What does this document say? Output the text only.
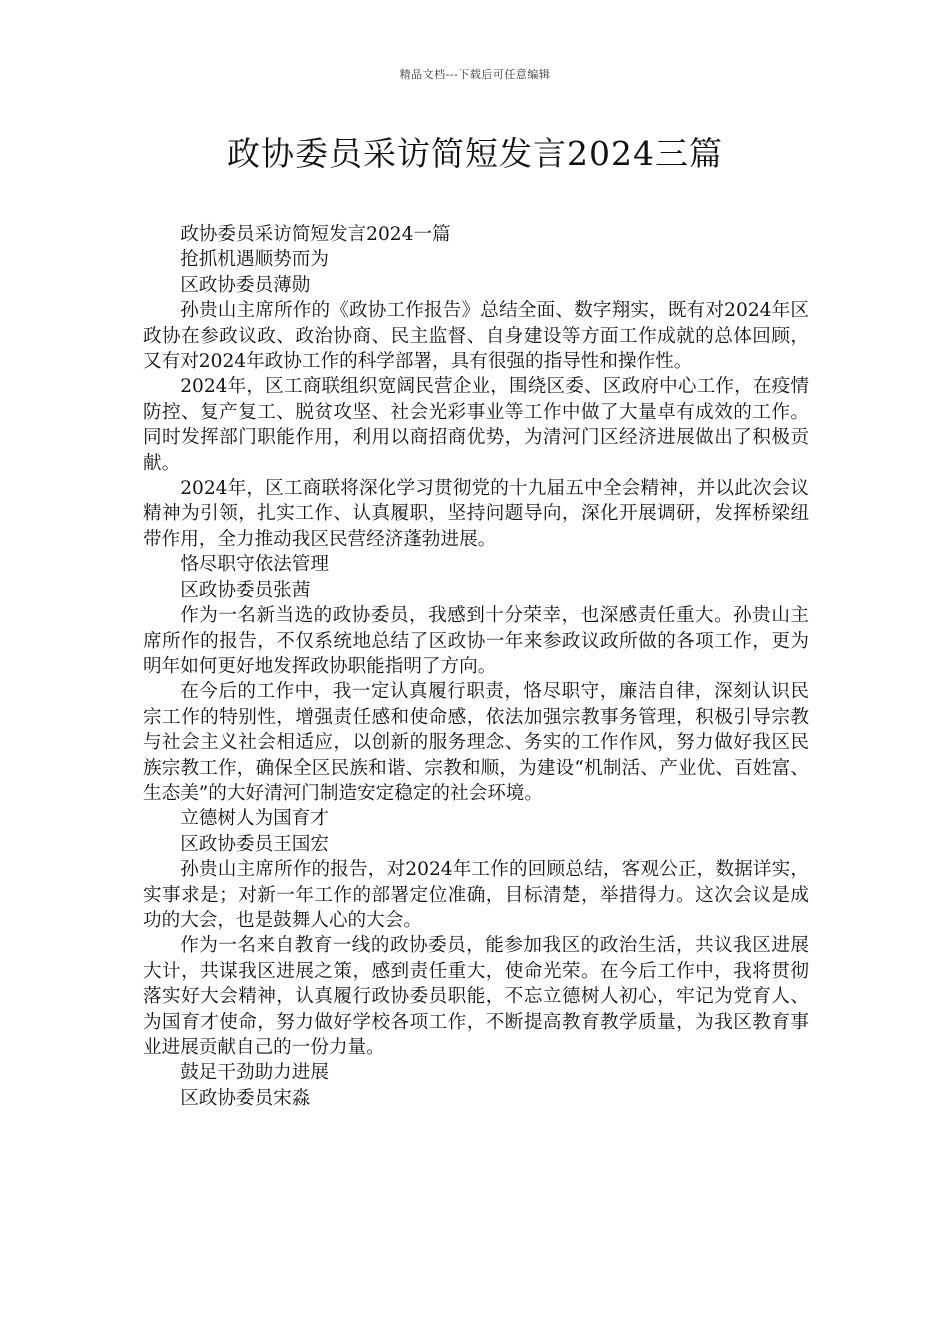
精品文档---下载后可任意编辑
政协委员采访简短发言2024三篇

政协委员采访简短发言2024一篇

抢抓机遇顺势而为

区政协委员薄勋

孙贵山主席所作的《政协工作报告》总结全面、数字翔实，既有对2024年区政协在参政议政、政治协商、民主监督、自身建设等方面工作成就的总体回顾，又有对2024年政协工作的科学部署，具有很强的指导性和操作性。

2024年，区工商联组织宽阔民营企业，围绕区委、区政府中心工作，在疫情防控、复产复工、脱贫攻坚、社会光彩事业等工作中做了大量卓有成效的工作。同时发挥部门职能作用，利用以商招商优势，为清河门区经济进展做出了积极贡献。

2024年，区工商联将深化学习贯彻党的十九届五中全会精神，并以此次会议精神为引领，扎实工作、认真履职，坚持问题导向，深化开展调研，发挥桥梁纽带作用，全力推动我区民营经济蓬勃进展。

恪尽职守依法管理

区政协委员张茜

作为一名新当选的政协委员，我感到十分荣幸，也深感责任重大。孙贵山主席所作的报告，不仅系统地总结了区政协一年来参政议政所做的各项工作，更为明年如何更好地发挥政协职能指明了方向。

在今后的工作中，我一定认真履行职责，恪尽职守，廉洁自律，深刻认识民宗工作的特别性，增强责任感和使命感，依法加强宗教事务管理，积极引导宗教与社会主义社会相适应，以创新的服务理念、务实的工作作风，努力做好我区民族宗教工作，确保全区民族和谐、宗教和顺，为建设“机制活、产业优、百姓富、生态美”的大好清河门制造安定稳定的社会环境。

立德树人为国育才

区政协委员王国宏

孙贵山主席所作的报告，对2024年工作的回顾总结，客观公正，数据详实，实事求是；对新一年工作的部署定位准确，目标清楚，举措得力。这次会议是成功的大会，也是鼓舞人心的大会。

作为一名来自教育一线的政协委员，能参加我区的政治生活，共议我区进展大计，共谋我区进展之策，感到责任重大，使命光荣。在今后工作中，我将贯彻落实好大会精神，认真履行政协委员职能，不忘立德树人初心，牢记为党育人、为国育才使命，努力做好学校各项工作，不断提高教育教学质量，为我区教育事业进展贡献自己的一份力量。

鼓足干劲助力进展

区政协委员宋淼
